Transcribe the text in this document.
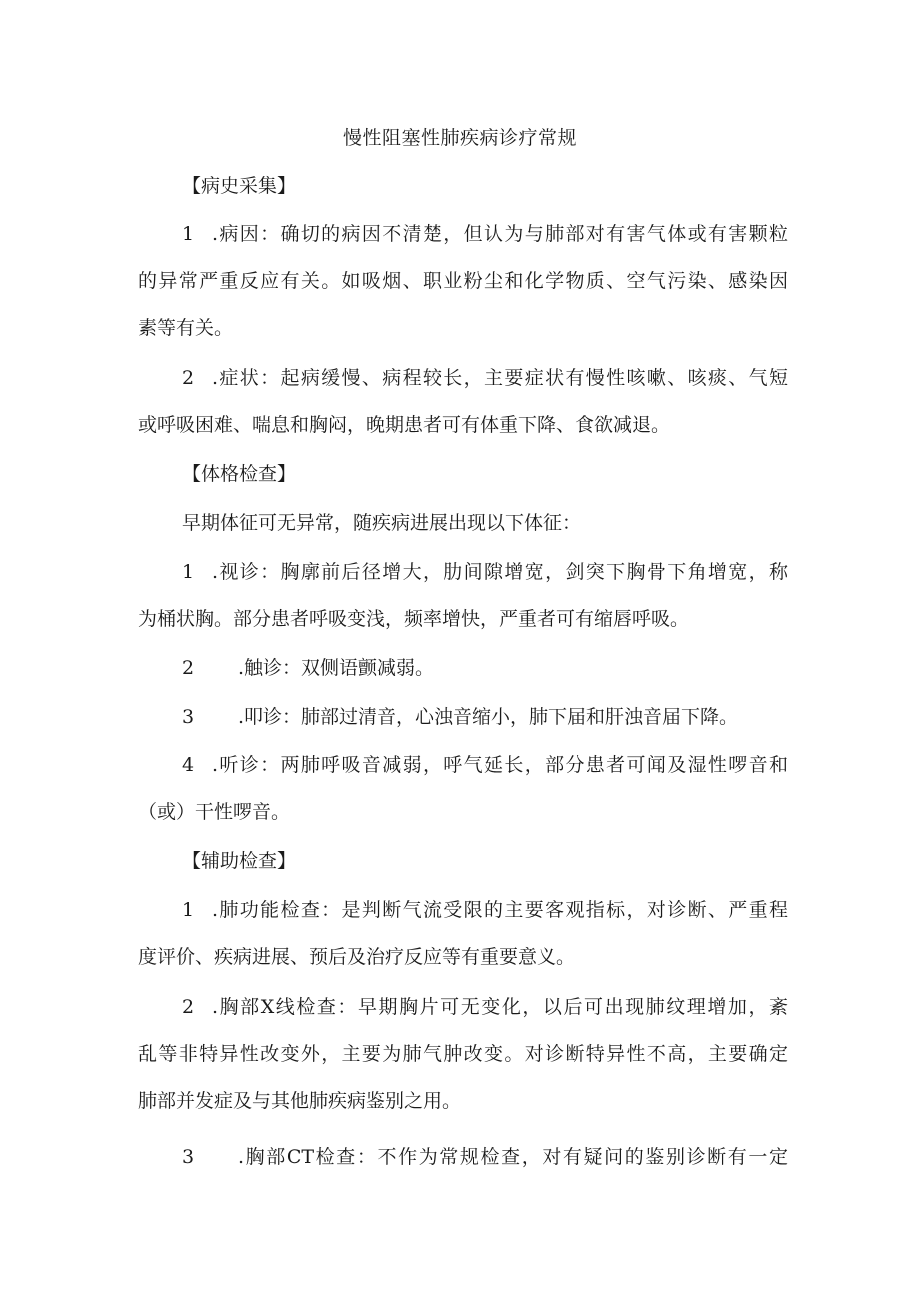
慢性阻塞性肺疾病诊疗常规
【病史采集】
1 .病因：确切的病因不清楚，但认为与肺部对有害气体或有害颗粒
的异常严重反应有关。如吸烟、职业粉尘和化学物质、空气污染、感染因
素等有关。
2 .症状：起病缓慢、病程较长，主要症状有慢性咳嗽、咳痰、气短
或呼吸困难、喘息和胸闷，晚期患者可有体重下降、食欲减退。
【体格检查】
早期体征可无异常，随疾病进展出现以下体征：
1 .视诊：胸廓前后径增大，肋间隙增宽，剑突下胸骨下角增宽，称
为桶状胸。部分患者呼吸变浅，频率增快，严重者可有缩唇呼吸。
2 .触诊：双侧语颤减弱。
3 .叩诊：肺部过清音，心浊音缩小，肺下届和肝浊音届下降。
4 .听诊：两肺呼吸音减弱，呼气延长，部分患者可闻及湿性啰音和
（或）干性啰音。
【辅助检查】
1 .肺功能检查：是判断气流受限的主要客观指标，对诊断、严重程
度评价、疾病进展、预后及治疗反应等有重要意义。
2 .胸部X线检查：早期胸片可无变化，以后可出现肺纹理增加，紊
乱等非特异性改变外，主要为肺气肿改变。对诊断特异性不高，主要确定
肺部并发症及与其他肺疾病鉴别之用。
3 .胸部CT检查：不作为常规检查，对有疑问的鉴别诊断有一定
